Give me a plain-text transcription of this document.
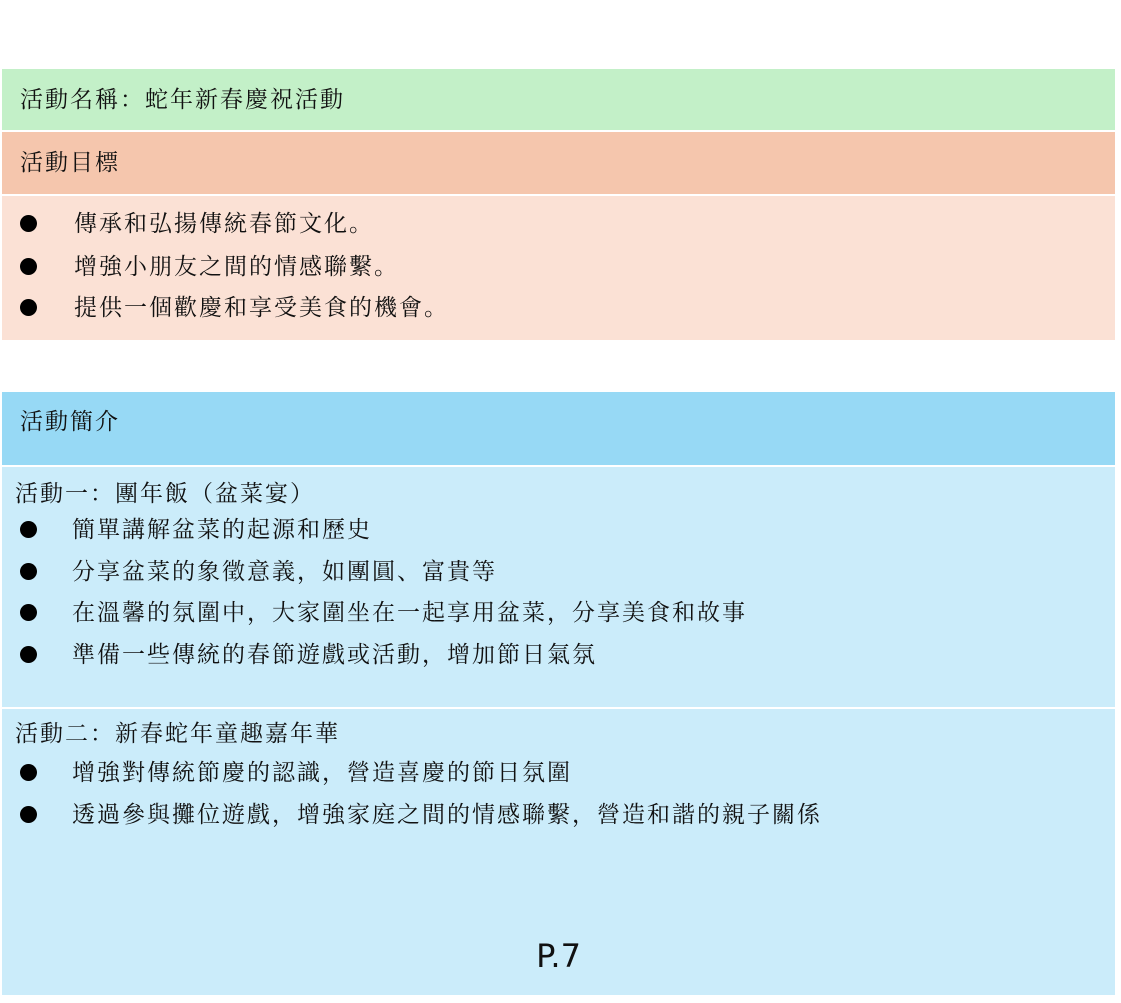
活動名稱：蛇年新春慶祝活動
活動目標
傳承和弘揚傳統春節文化。
增強小朋友之間的情感聯繫。
提供一個歡慶和享受美食的機會。
活動簡介
活動一：團年飯（盆菜宴）
簡單講解盆菜的起源和歷史
分享盆菜的象徵意義，如團圓、富貴等
在溫馨的氛圍中，大家圍坐在一起享用盆菜，分享美食和故事
準備一些傳統的春節遊戲或活動，增加節日氣氛
活動二：新春蛇年童趣嘉年華
增強對傳統節慶的認識，營造喜慶的節日氛圍
透過參與攤位遊戲，增強家庭之間的情感聯繫，營造和諧的親子關係
P.7
